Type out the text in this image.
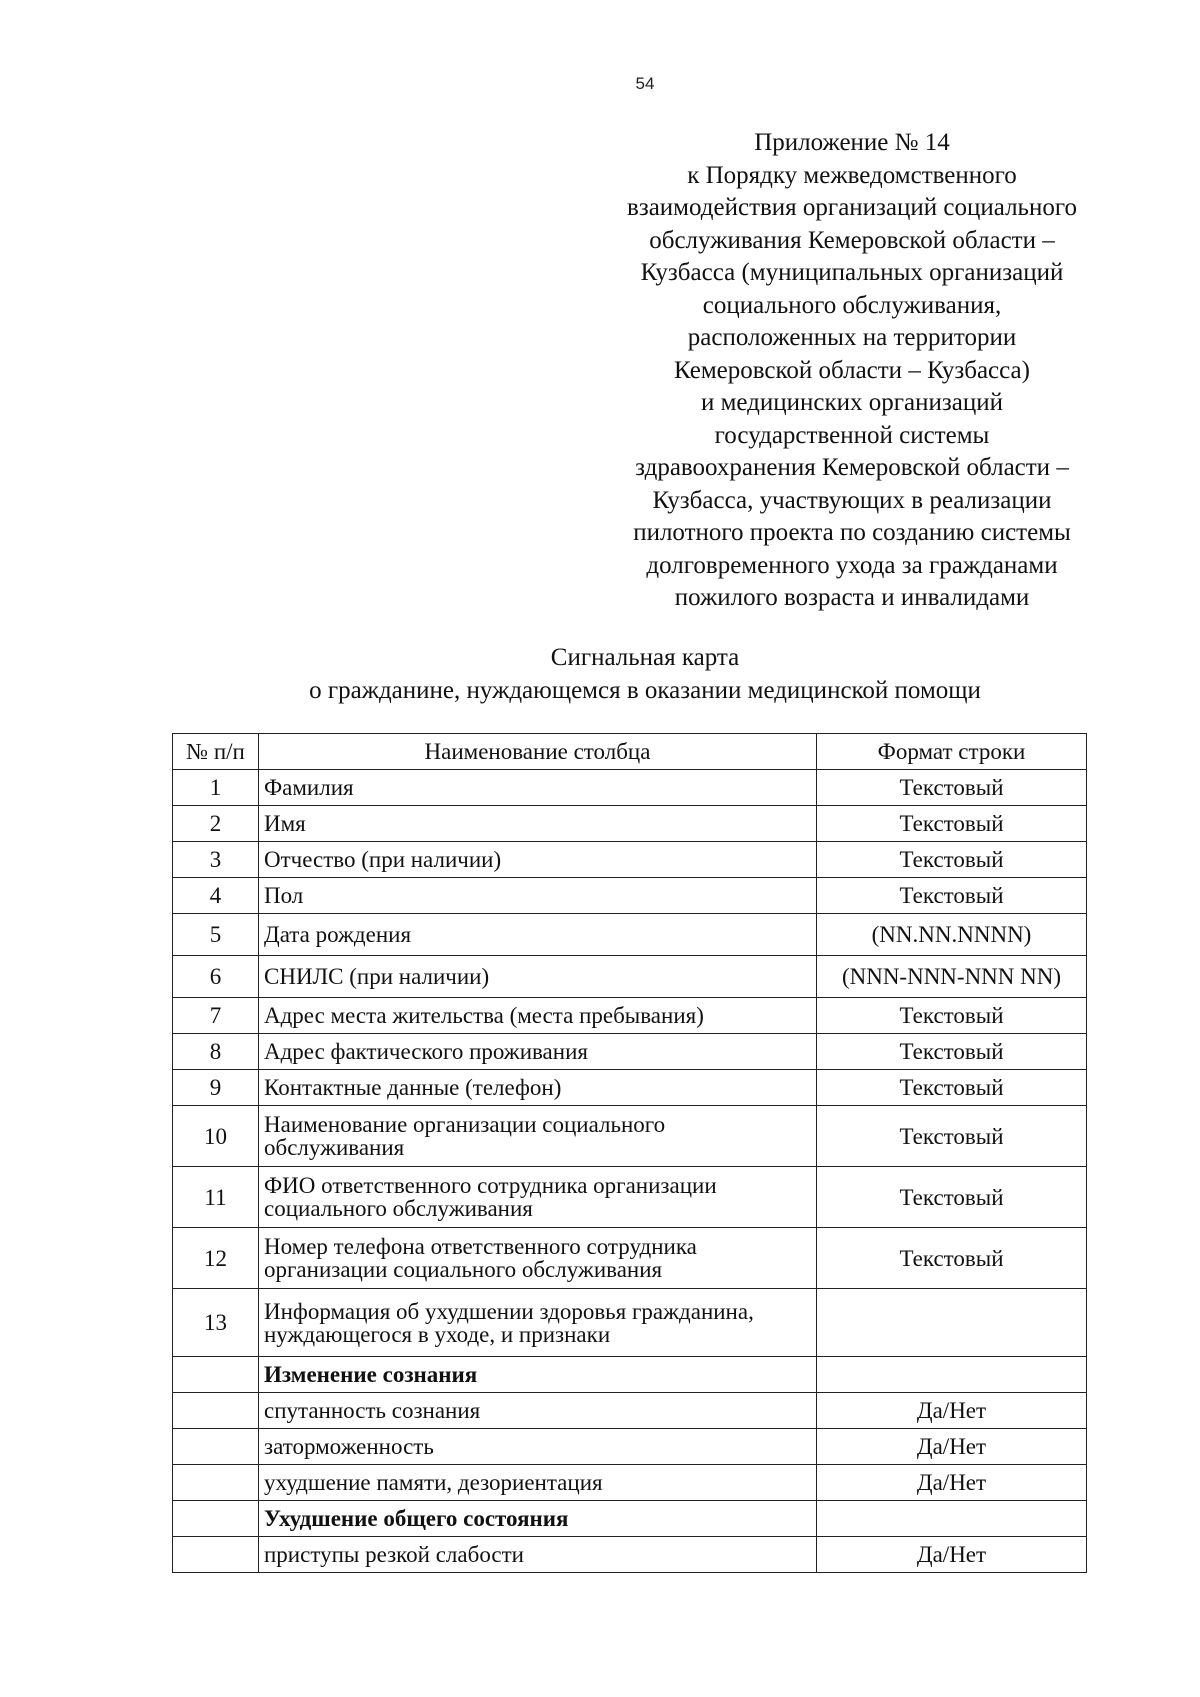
54
Приложение № 14
к Порядку межведомственного
взаимодействия организаций социального
обслуживания Кемеровской области –
Кузбасса (муниципальных организаций
социального обслуживания,
расположенных на территории
Кемеровской области – Кузбасса)
и медицинских организаций
государственной системы
здравоохранения Кемеровской области –
Кузбасса, участвующих в реализации
пилотного проекта по созданию системы
долговременного ухода за гражданами
пожилого возраста и инвалидами
Сигнальная карта
о гражданине, нуждающемся в оказании медицинской помощи
№ п/п	Наименование столбца	Формат строки
1	Фамилия	Текстовый
2	Имя	Текстовый
3	Отчество (при наличии)	Текстовый
4	Пол	Текстовый
5	Дата рождения	(NN.NN.NNNN)
6	СНИЛС (при наличии)	(NNN-NNN-NNN NN)
7	Адрес места жительства (места пребывания)	Текстовый
8	Адрес фактического проживания	Текстовый
9	Контактные данные (телефон)	Текстовый
10	Наименование организации социального обслуживания	Текстовый
11	ФИО ответственного сотрудника организации социального обслуживания	Текстовый
12	Номер телефона ответственного сотрудника организации социального обслуживания	Текстовый
13	Информация об ухудшении здоровья гражданина, нуждающегося в уходе, и признаки	
	Изменение сознания	
	спутанность сознания	Да/Нет
	заторможенность	Да/Нет
	ухудшение памяти, дезориентация	Да/Нет
	Ухудшение общего состояния	
	приступы резкой слабости	Да/Нет
